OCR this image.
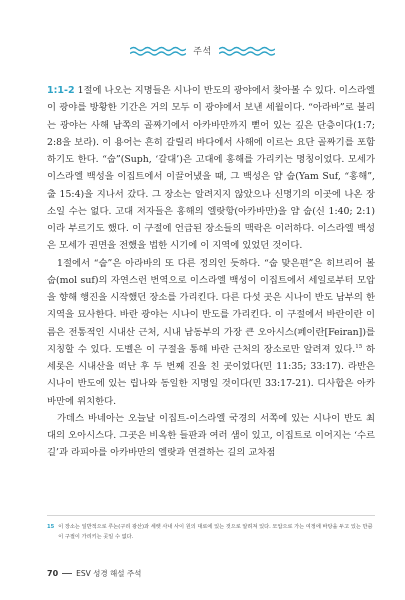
주석

1:1-2 1절에 나오는 지명들은 시나이 반도의 광야에서 찾아볼 수 있다. 이스라엘이 광야를 방황한 기간은 거의 모두 이 광야에서 보낸 세월이다. “아라바”로 불리는 광야는 사해 남쪽의 골짜기에서 아카바만까지 뻗어 있는 깊은 단층이다(1:7; 2:8을 보라). 이 용어는 흔히 갈릴리 바다에서 사해에 이르는 요단 골짜기를 포함하기도 한다. “숩”(Suph, ‘갈대’)은 고대에 홍해를 가리키는 명칭이었다. 모세가 이스라엘 백성을 이집트에서 이끌어냈을 때, 그 백성은 얌 숩(Yam Suf, “홍해”, 출 15:4)을 지나서 갔다. 그 장소는 알려지지 않았으나 신명기의 이곳에 나온 장소일 수는 없다. 고대 저자들은 홍해의 엘랏항(아카바만)을 얌 숩(신 1:40; 2:1)이라 부르기도 했다. 이 구절에 언급된 장소들의 맥락은 이러하다. 이스라엘 백성은 모세가 권면을 전했을 법한 시기에 이 지역에 있었던 것이다.

1절에서 “숩”은 아라바의 또 다른 정의인 듯하다. “숩 맞은편”은 히브리어 볼 숩(mol suf)의 자연스런 번역으로 이스라엘 백성이 이집트에서 세일로부터 모압을 향해 행진을 시작했던 장소를 가리킨다. 다른 다섯 곳은 시나이 반도 남부의 한 지역을 묘사한다. 바란 광야는 시나이 반도를 가리킨다. 이 구절에서 바란이란 이름은 전통적인 시내산 근처, 시내 남동부의 가장 큰 오아시스(페이란[Feiran])를 지칭할 수 있다. 도벨은 이 구절을 통해 바란 근처의 장소로만 알려져 있다.$^{15}$ 하세롯은 시내산을 떠난 후 두 번째 진을 친 곳이었다(민 11:35; 33:17). 라반은 시나이 반도에 있는 립나와 동일한 지명일 것이다(민 33:17-21). 디사합은 아카바만에 위치한다.

가데스 바네아는 오늘날 이집트-이스라엘 국경의 서쪽에 있는 시나이 반도 최대의 오아시스다. 그곳은 비옥한 들판과 여러 샘이 있고, 이집트로 이어지는 ‘수르 길’과 라피아를 아카바만의 엘랏과 연결하는 길의 교차점

15 이 장소는 일반적으로 루논(구리 광산)과 세렛 사내 사이 원의 대로에 있는 것으로 알려져 있다. 모압으로 가는 여정에 바탕을 두고 있는 만큼 이 구절이 가리키는 곳일 수 없다.
70 ESV 성경 해설 주석
